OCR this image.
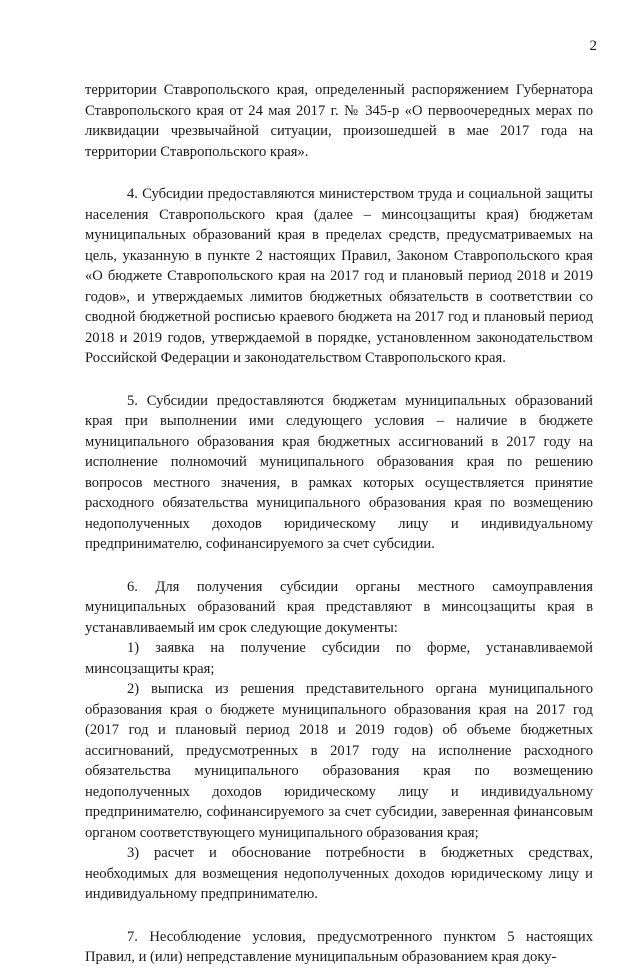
2

территории Ставропольского края, определенный распоряжением Губернатора Ставропольского края от 24 мая 2017 г. № 345-р «О первоочередных мерах по ликвидации чрезвычайной ситуации, произошедшей в мае 2017 года на территории Ставропольского края».

4. Субсидии предоставляются министерством труда и социальной защиты населения Ставропольского края (далее – минсоцзащиты края) бюджетам муниципальных образований края в пределах средств, предусматриваемых на цель, указанную в пункте 2 настоящих Правил, Законом Ставропольского края «О бюджете Ставропольского края на 2017 год и плановый период 2018 и 2019 годов», и утверждаемых лимитов бюджетных обязательств в соответствии со сводной бюджетной росписью краевого бюджета на 2017 год и плановый период 2018 и 2019 годов, утверждаемой в порядке, установленном законодательством Российской Федерации и законодательством Ставропольского края.

5. Субсидии предоставляются бюджетам муниципальных образований края при выполнении ими следующего условия – наличие в бюджете муниципального образования края бюджетных ассигнований в 2017 году на исполнение полномочий муниципального образования края по решению вопросов местного значения, в рамках которых осуществляется принятие расходного обязательства муниципального образования края по возмещению недополученных доходов юридическому лицу и индивидуальному предпринимателю, софинансируемого за счет субсидии.

6. Для получения субсидии органы местного самоуправления муниципальных образований края представляют в минсоцзащиты края в устанавливаемый им срок следующие документы:

1) заявка на получение субсидии по форме, устанавливаемой минсоцзащиты края;

2) выписка из решения представительного органа муниципального образования края о бюджете муниципального образования края на 2017 год (2017 год и плановый период 2018 и 2019 годов) об объеме бюджетных ассигнований, предусмотренных в 2017 году на исполнение расходного обязательства муниципального образования края по возмещению недополученных доходов юридическому лицу и индивидуальному предпринимателю, софинансируемого за счет субсидии, заверенная финансовым органом соответствующего муниципального образования края;

3) расчет и обоснование потребности в бюджетных средствах, необходимых для возмещения недополученных доходов юридическому лицу и индивидуальному предпринимателю.

7. Несоблюдение условия, предусмотренного пунктом 5 настоящих Правил, и (или) непредставление муниципальным образованием края доку-
